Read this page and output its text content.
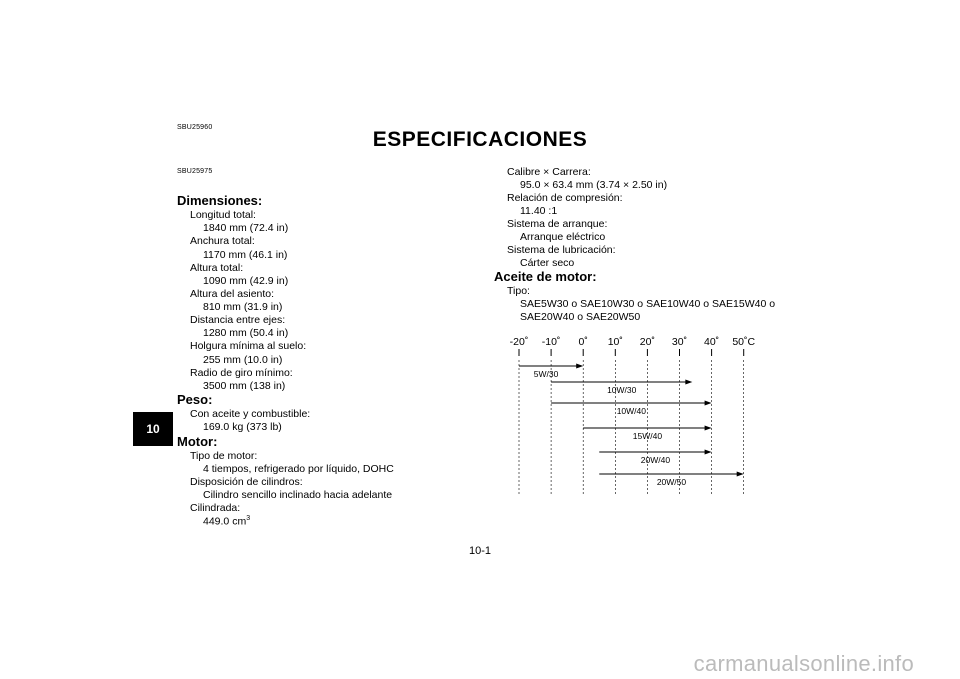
SBU25960
ESPECIFICACIONES
SBU25975
10
Dimensiones:
Longitud total:
1840 mm (72.4 in)
Anchura total:
1170 mm (46.1 in)
Altura total:
1090 mm (42.9 in)
Altura del asiento:
810 mm (31.9 in)
Distancia entre ejes:
1280 mm (50.4 in)
Holgura mínima al suelo:
255 mm (10.0 in)
Radio de giro mínimo:
3500 mm (138 in)
Peso:
Con aceite y combustible:
169.0 kg (373 lb)
Motor:
Tipo de motor:
4 tiempos, refrigerado por líquido, DOHC
Disposición de cilindros:
Cilindro sencillo inclinado hacia adelante
Cilindrada:
449.0 $cm^3$
Calibre × Carrera:
95.0 × 63.4 mm (3.74 × 2.50 in)
Relación de compresión:
11.40 :1
Sistema de arranque:
Arranque eléctrico
Sistema de lubricación:
Cárter seco
Aceite de motor:
Tipo:
SAE5W30 o SAE10W30 o SAE10W40 o SAE15W40 o
SAE20W40 o SAE20W50
-20˚ -10˚ 0˚ 10˚ 20˚ 30˚ 40˚ 50˚C
5W/30
10W/30
10W/40
15W/40
20W/40
20W/50
10-1
carmanualsonline.info
